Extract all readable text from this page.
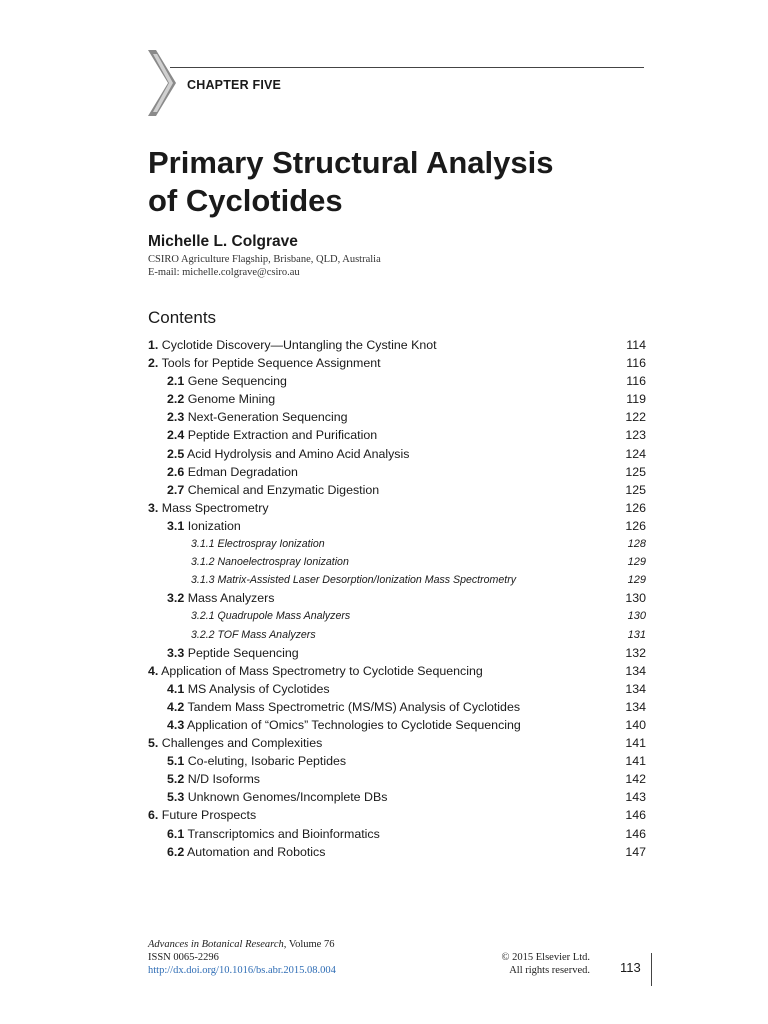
CHAPTER FIVE
Primary Structural Analysis
of Cyclotides
Michelle L. Colgrave
CSIRO Agriculture Flagship, Brisbane, QLD, Australia
E-mail: michelle.colgrave@csiro.au
Contents
1. Cyclotide Discovery—Untangling the Cystine Knot	114
2. Tools for Peptide Sequence Assignment	116
2.1 Gene Sequencing	116
2.2 Genome Mining	119
2.3 Next-Generation Sequencing	122
2.4 Peptide Extraction and Purification	123
2.5 Acid Hydrolysis and Amino Acid Analysis	124
2.6 Edman Degradation	125
2.7 Chemical and Enzymatic Digestion	125
3. Mass Spectrometry	126
3.1 Ionization	126
3.1.1 Electrospray Ionization	128
3.1.2 Nanoelectrospray Ionization	129
3.1.3 Matrix-Assisted Laser Desorption/Ionization Mass Spectrometry	129
3.2 Mass Analyzers	130
3.2.1 Quadrupole Mass Analyzers	130
3.2.2 TOF Mass Analyzers	131
3.3 Peptide Sequencing	132
4. Application of Mass Spectrometry to Cyclotide Sequencing	134
4.1 MS Analysis of Cyclotides	134
4.2 Tandem Mass Spectrometric (MS/MS) Analysis of Cyclotides	134
4.3 Application of “Omics” Technologies to Cyclotide Sequencing	140
5. Challenges and Complexities	141
5.1 Co-eluting, Isobaric Peptides	141
5.2 N/D Isoforms	142
5.3 Unknown Genomes/Incomplete DBs	143
6. Future Prospects	146
6.1 Transcriptomics and Bioinformatics	146
6.2 Automation and Robotics	147
Advances in Botanical Research, Volume 76
ISSN 0065-2296
http://dx.doi.org/10.1016/bs.abr.2015.08.004
© 2015 Elsevier Ltd.
All rights reserved. 113
